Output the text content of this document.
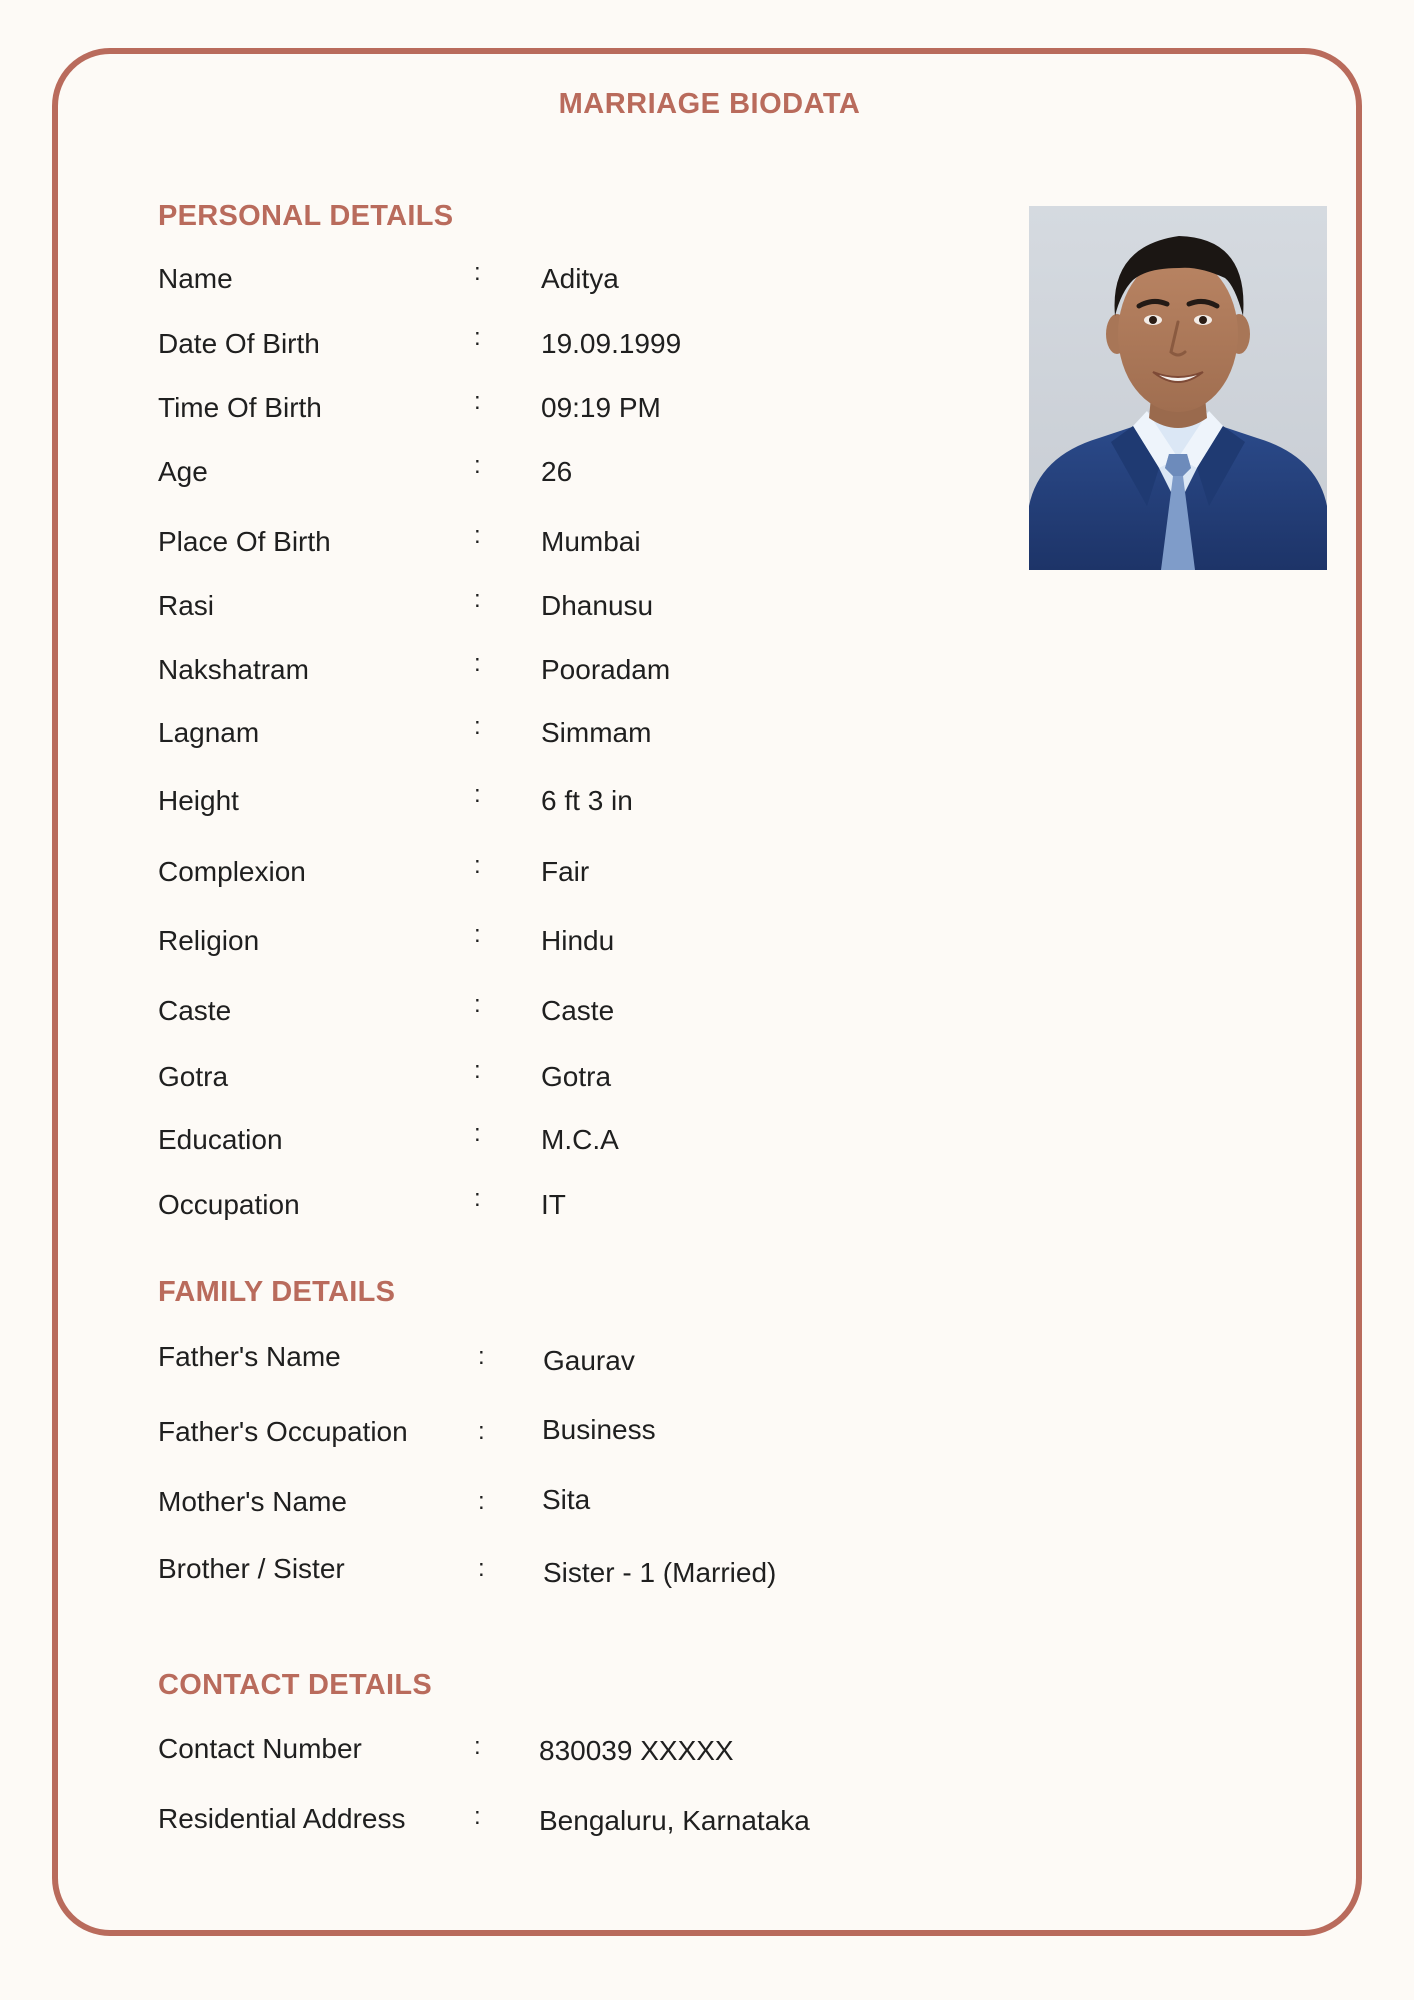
MARRIAGE BIODATA
PERSONAL DETAILS
Name	: Aditya
Date Of Birth	: 19.09.1999
Time Of Birth	: 09:19 PM
Age	: 26
Place Of Birth	: Mumbai
Rasi	: Dhanusu
Nakshatram	: Pooradam
Lagnam	: Simmam
Height	: 6 ft 3 in
Complexion	: Fair
Religion	: Hindu
Caste	: Caste
Gotra	: Gotra
Education	: M.C.A
Occupation	: IT
FAMILY DETAILS
Father's Name	: Gaurav
Father's Occupation	: Business
Mother's Name	: Sita
Brother / Sister	: Sister - 1 (Married)
CONTACT DETAILS
Contact Number	: 830039 XXXXX
Residential Address	: Bengaluru, Karnataka
